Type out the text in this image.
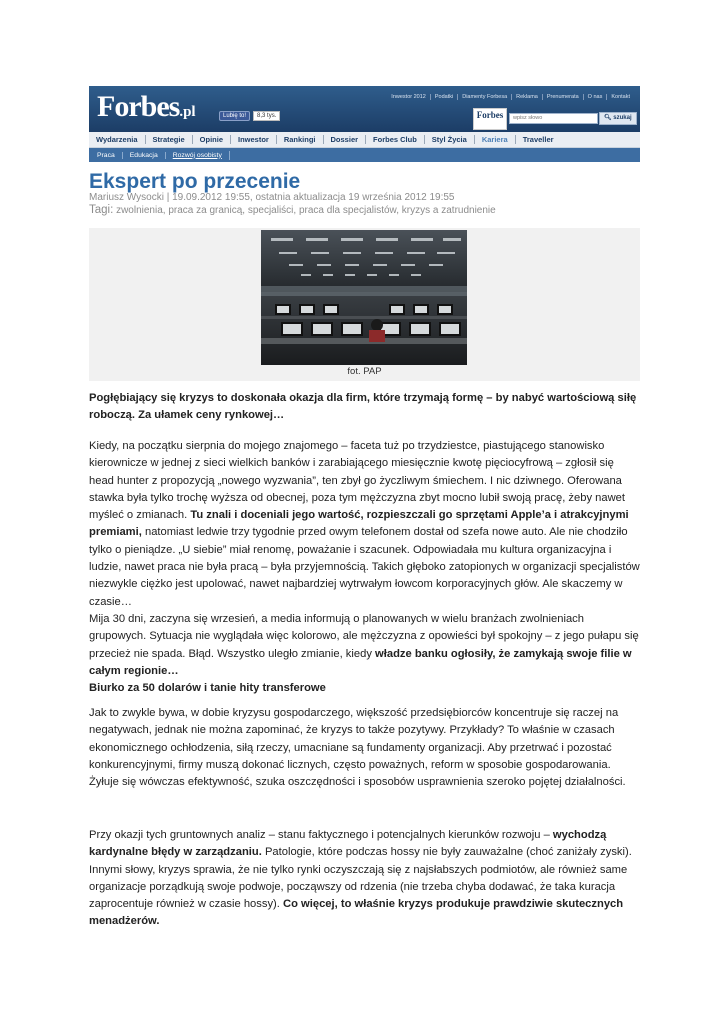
Forbes.pl	Lubię to!	8,3 tys.
Inwestor 2012	Podatki	Diamenty Forbesa	Reklama	Prenumerata	O nas	Kontakt
Forbes	wpisz słowo	🔍︎ szukaj
Wydarzenia	Strategie	Opinie	Inwestor	Rankingi	Dossier	Forbes Club	Styl Życia	Kariera	Traveller
Praca	Edukacja	Rozwój osobisty
Ekspert po przecenie
Mariusz Wysocki | 19.09.2012 19:55, ostatnia aktualizacja 19 września 2012 19:55
Tagi: zwolnienia, praca za granicą, specjaliści, praca dla specjalistów, kryzys a zatrudnienie
fot. PAP
Pogłębiający się kryzys to doskonała okazja dla firm, które trzymają formę – by nabyć wartościową siłę roboczą. Za ułamek ceny rynkowej…

Kiedy, na początku sierpnia do mojego znajomego – faceta tuż po trzydziestce, piastującego stanowisko kierownicze w jednej z sieci wielkich banków i zarabiającego miesięcznie kwotę pięciocyfrową – zgłosił się head hunter z propozycją „nowego wyzwania”, ten zbył go życzliwym śmiechem. I nic dziwnego. Oferowana stawka była tylko trochę wyższa od obecnej, poza tym mężczyzna zbyt mocno lubił swoją pracę, żeby nawet myśleć o zmianach. Tu znali i doceniali jego wartość, rozpieszczali go sprzętami Apple’a i atrakcyjnymi premiami, natomiast ledwie trzy tygodnie przed owym telefonem dostał od szefa nowe auto. Ale nie chodziło tylko o pieniądze. „U siebie” miał renomę, poważanie i szacunek. Odpowiadała mu kultura organizacyjna i ludzie, nawet praca nie była pracą – była przyjemnością. Takich głęboko zatopionych w organizacji specjalistów niezwykle ciężko jest upolować, nawet najbardziej wytrwałym łowcom korporacyjnych głów. Ale skaczemy w czasie…

Mija 30 dni, zaczyna się wrzesień, a media informują o planowanych w wielu branżach zwolnieniach grupowych. Sytuacja nie wyglądała więc kolorowo, ale mężczyzna z opowieści był spokojny – z jego pułapu się przecież nie spada. Błąd. Wszystko uległo zmianie, kiedy władze banku ogłosiły, że zamykają swoje filie w całym regionie…

Biurko za 50 dolarów i tanie hity transferowe

Jak to zwykle bywa, w dobie kryzysu gospodarczego, większość przedsiębiorców koncentruje się raczej na negatywach, jednak nie można zapominać, że kryzys to także pozytywy. Przykłady? To właśnie w czasach ekonomicznego ochłodzenia, siłą rzeczy, umacniane są fundamenty organizacji. Aby przetrwać i pozostać konkurencyjnymi, firmy muszą dokonać licznych, często poważnych, reform w sposobie gospodarowania. Żyłuje się wówczas efektywność, szuka oszczędności i sposobów usprawnienia szeroko pojętej działalności.

Przy okazji tych gruntownych analiz – stanu faktycznego i potencjalnych kierunków rozwoju – wychodzą kardynalne błędy w zarządzaniu. Patologie, które podczas hossy nie były zauważalne (choć zaniżały zyski). Innymi słowy, kryzys sprawia, że nie tylko rynki oczyszczają się z najsłabszych podmiotów, ale również same organizacje porządkują swoje podwoje, począwszy od rdzenia (nie trzeba chyba dodawać, że taka kuracja zaprocentuje również w czasie hossy). Co więcej, to właśnie kryzys produkuje prawdziwie skutecznych menadżerów.
